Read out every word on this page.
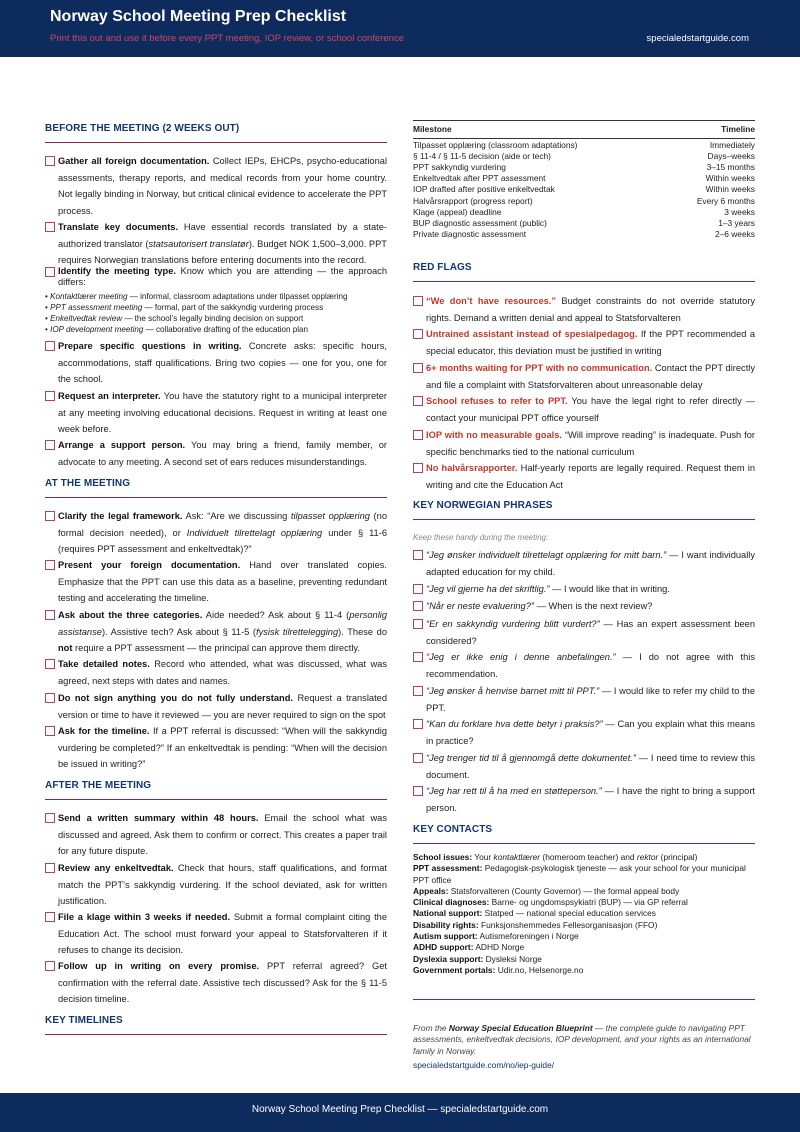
Norway School Meeting Prep Checklist
Print this out and use it before every PPT meeting, IOP review, or school conference	specialedstartguide.com
BEFORE THE MEETING (2 WEEKS OUT)
Gather all foreign documentation. Collect IEPs, EHCPs, psycho-educational assessments, therapy reports, and medical records from your home country. Not legally binding in Norway, but critical clinical evidence to accelerate the PPT process.
Translate key documents. Have essential records translated by a state-authorized translator (statsautorisert translatør). Budget NOK 1,500–3,000. PPT requires Norwegian translations before entering documents into the record.
Identify the meeting type. Know which you are attending — the approach differs:
• Kontaktlærer meeting — informal, classroom adaptations under tilpasset opplæring
• PPT assessment meeting — formal, part of the sakkyndig vurdering process
• Enkeltvedtak review — the school’s legally binding decision on support
• IOP development meeting — collaborative drafting of the education plan
Prepare specific questions in writing. Concrete asks: specific hours, accommodations, staff qualifications. Bring two copies — one for you, one for the school.
Request an interpreter. You have the statutory right to a municipal interpreter at any meeting involving educational decisions. Request in writing at least one week before.
Arrange a support person. You may bring a friend, family member, or advocate to any meeting. A second set of ears reduces misunderstandings.
AT THE MEETING
Clarify the legal framework. Ask: “Are we discussing tilpasset opplæring (no formal decision needed), or Individuelt tilrettelagt opplæring under § 11-6 (requires PPT assessment and enkeltvedtak)?”
Present your foreign documentation. Hand over translated copies. Emphasize that the PPT can use this data as a baseline, preventing redundant testing and accelerating the timeline.
Ask about the three categories. Aide needed? Ask about § 11-4 (personlig assistanse). Assistive tech? Ask about § 11-5 (fysisk tilrettelegging). These do not require a PPT assessment — the principal can approve them directly.
Take detailed notes. Record who attended, what was discussed, what was agreed, next steps with dates and names.
Do not sign anything you do not fully understand. Request a translated version or time to have it reviewed — you are never required to sign on the spot
Ask for the timeline. If a PPT referral is discussed: “When will the sakkyndig vurdering be completed?” If an enkeltvedtak is pending: “When will the decision be issued in writing?”
AFTER THE MEETING
Send a written summary within 48 hours. Email the school what was discussed and agreed. Ask them to confirm or correct. This creates a paper trail for any future dispute.
Review any enkeltvedtak. Check that hours, staff qualifications, and format match the PPT’s sakkyndig vurdering. If the school deviated, ask for written justification.
File a klage within 3 weeks if needed. Submit a formal complaint citing the Education Act. The school must forward your appeal to Statsforvalteren if it refuses to change its decision.
Follow up in writing on every promise. PPT referral agreed? Get confirmation with the referral date. Assistive tech discussed? Ask for the § 11-5 decision timeline.
KEY TIMELINES
Milestone	Timeline
Tilpasset opplæring (classroom adaptations)	Immediately
§ 11-4 / § 11-5 decision (aide or tech)	Days–weeks
PPT sakkyndig vurdering	3–15 months
Enkeltvedtak after PPT assessment	Within weeks
IOP drafted after positive enkeltvedtak	Within weeks
Halvårsrapport (progress report)	Every 6 months
Klage (appeal) deadline	3 weeks
BUP diagnostic assessment (public)	1–3 years
Private diagnostic assessment	2–6 weeks
RED FLAGS
“We don’t have resources.” Budget constraints do not override statutory rights. Demand a written denial and appeal to Statsforvalteren
Untrained assistant instead of spesialpedagog. If the PPT recommended a special educator, this deviation must be justified in writing
6+ months waiting for PPT with no communication. Contact the PPT directly and file a complaint with Statsforvalteren about unreasonable delay
School refuses to refer to PPT. You have the legal right to refer directly — contact your municipal PPT office yourself
IOP with no measurable goals. “Will improve reading” is inadequate. Push for specific benchmarks tied to the national curriculum
No halvårsrapporter. Half-yearly reports are legally required. Request them in writing and cite the Education Act
KEY NORWEGIAN PHRASES
Keep these handy during the meeting:
“Jeg ønsker individuelt tilrettelagt opplæring for mitt barn.” — I want individually adapted education for my child.
“Jeg vil gjerne ha det skriftlig.” — I would like that in writing.
“Når er neste evaluering?” — When is the next review?
“Er en sakkyndig vurdering blitt vurdert?” — Has an expert assessment been considered?
“Jeg er ikke enig i denne anbefalingen.” — I do not agree with this recommendation.
“Jeg ønsker å henvise barnet mitt til PPT.” — I would like to refer my child to the PPT.
“Kan du forklare hva dette betyr i praksis?” — Can you explain what this means in practice?
“Jeg trenger tid til å gjennomgå dette dokumentet.” — I need time to review this document.
“Jeg har rett til å ha med en støtteperson.” — I have the right to bring a support person.
KEY CONTACTS
School issues: Your kontaktlærer (homeroom teacher) and rektor (principal)
PPT assessment: Pedagogisk-psykologisk tjeneste — ask your school for your municipal PPT office
Appeals: Statsforvalteren (County Governor) — the formal appeal body
Clinical diagnoses: Barne- og ungdomspsykiatri (BUP) — via GP referral
National support: Statped — national special education services
Disability rights: Funksjonshemmedes Fellesorganisasjon (FFO)
Autism support: Autismeforeningen i Norge
ADHD support: ADHD Norge
Dyslexia support: Dysleksi Norge
Government portals: Udir.no, Helsenorge.no
From the Norway Special Education Blueprint — the complete guide to navigating PPT assessments, enkeltvedtak decisions, IOP development, and your rights as an international family in Norway.
specialedstartguide.com/no/iep-guide/
Norway School Meeting Prep Checklist — specialedstartguide.com
